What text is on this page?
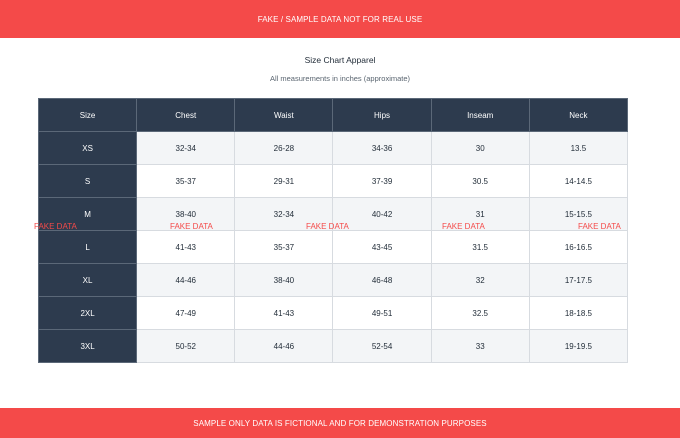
FAKE / SAMPLE DATA NOT FOR REAL USE
Size Chart Apparel
All measurements in inches (approximate)
Size	Chest	Waist	Hips	Inseam	Neck
XS	32-34	26-28	34-36	30	13.5
S	35-37	29-31	37-39	30.5	14-14.5
M	38-40	32-34	40-42	31	15-15.5
L	41-43	35-37	43-45	31.5	16-16.5
XL	44-46	38-40	46-48	32	17-17.5
2XL	47-49	41-43	49-51	32.5	18-18.5
3XL	50-52	44-46	52-54	33	19-19.5
FAKE DATA	FAKE DATA	FAKE DATA	FAKE DATA	FAKE DATA
SAMPLE ONLY DATA IS FICTIONAL AND FOR DEMONSTRATION PURPOSES
